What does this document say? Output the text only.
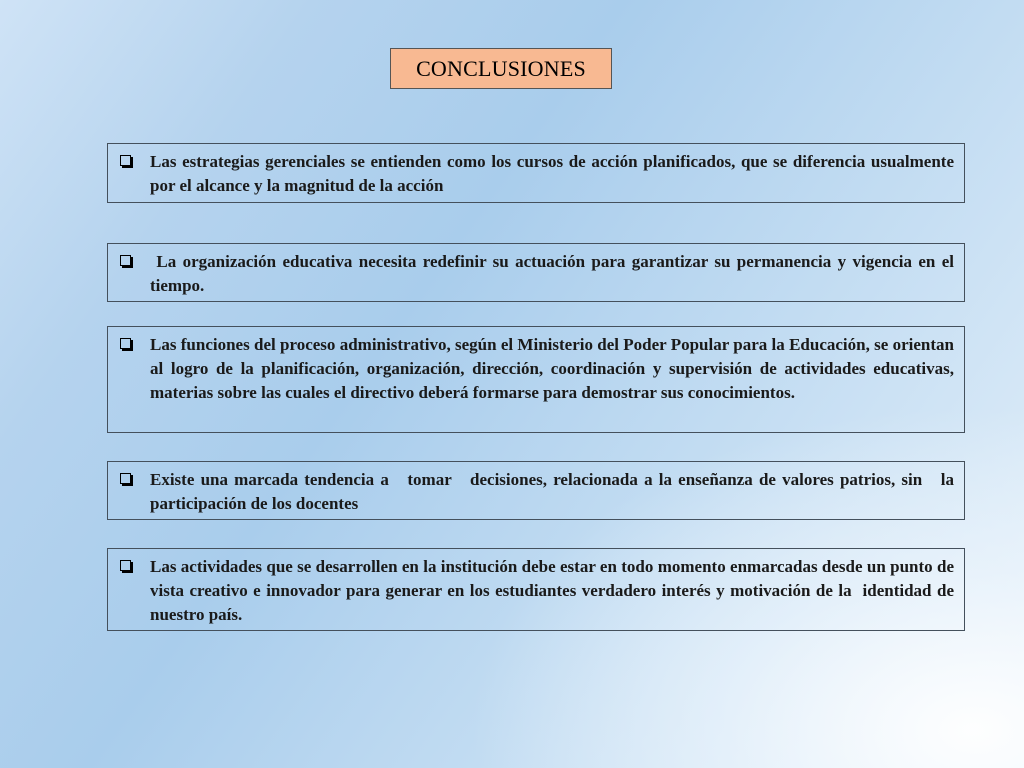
CONCLUSIONES
Las estrategias gerenciales se entienden como los cursos de acción planificados, que se diferencia usualmente por el alcance y la magnitud de la acción
La organización educativa necesita redefinir su actuación para garantizar su permanencia y vigencia en el tiempo.
Las funciones del proceso administrativo, según el Ministerio del Poder Popular para la Educación, se orientan al logro de la planificación, organización, dirección, coordinación y supervisión de actividades educativas, materias sobre las cuales el directivo deberá formarse para demostrar sus conocimientos.
Existe una marcada tendencia a   tomar   decisiones, relacionada a la enseñanza de valores patrios, sin   la   participación de los docentes
Las actividades que se desarrollen en la institución debe estar en todo momento enmarcadas desde un punto de vista creativo e innovador para generar en los estudiantes verdadero interés y motivación de la  identidad de nuestro país.
